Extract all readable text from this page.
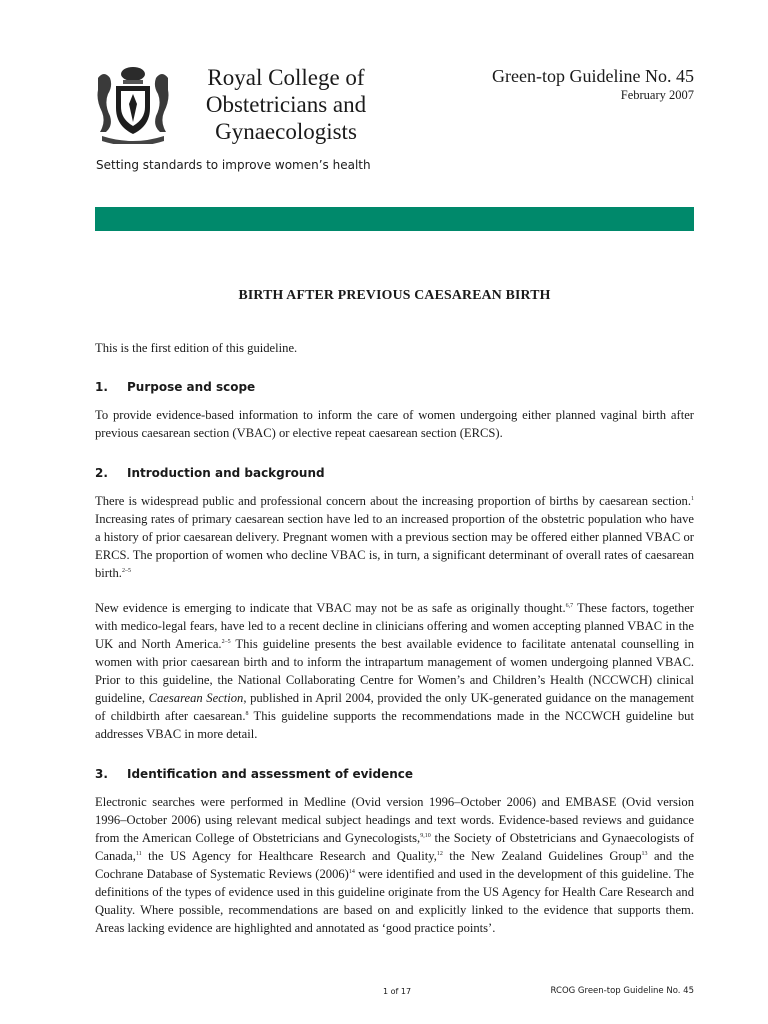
Royal College of
Obstetricians and
Gynaecologists
Setting standards to improve women’s health
Green-top Guideline No. 45
February 2007
BIRTH AFTER PREVIOUS CAESAREAN BIRTH

This is the first edition of this guideline.

1.	Purpose and scope

To provide evidence-based information to inform the care of women undergoing either planned vaginal birth after previous caesarean section (VBAC) or elective repeat caesarean section (ERCS).

2.	Introduction and background

There is widespread public and professional concern about the increasing proportion of births by caesarean section.$^1$ Increasing rates of primary caesarean section have led to an increased proportion of the obstetric population who have a history of prior caesarean delivery. Pregnant women with a previous section may be offered either planned VBAC or ERCS. The proportion of women who decline VBAC is, in turn, a significant determinant of overall rates of caesarean birth.$^{2-5}$

New evidence is emerging to indicate that VBAC may not be as safe as originally thought.$^{6,7}$ These factors, together with medico-legal fears, have led to a recent decline in clinicians offering and women accepting planned VBAC in the UK and North America.$^{2-5}$ This guideline presents the best available evidence to facilitate antenatal counselling in women with prior caesarean birth and to inform the intrapartum management of women undergoing planned VBAC. Prior to this guideline, the National Collaborating Centre for Women’s and Children’s Health (NCCWCH) clinical guideline, Caesarean Section, published in April 2004, provided the only UK-generated guidance on the management of childbirth after caesarean.$^8$ This guideline supports the recommendations made in the NCCWCH guideline but addresses VBAC in more detail.

3.	Identification and assessment of evidence

Electronic searches were performed in Medline (Ovid version 1996–October 2006) and EMBASE (Ovid version 1996–October 2006) using relevant medical subject headings and text words. Evidence-based reviews and guidance from the American College of Obstetricians and Gynecologists,$^{9,10}$ the Society of Obstetricians and Gynaecologists of Canada,$^{11}$ the US Agency for Healthcare Research and Quality,$^{12}$ the New Zealand Guidelines Group$^{13}$ and the Cochrane Database of Systematic Reviews $(2006)^{14}$ were identified and used in the development of this guideline. The definitions of the types of evidence used in this guideline originate from the US Agency for Health Care Research and Quality. Where possible, recommendations are based on and explicitly linked to the evidence that supports them. Areas lacking evidence are highlighted and annotated as ‘good practice points’.

1 of 17	RCOG Green-top Guideline No. 45
